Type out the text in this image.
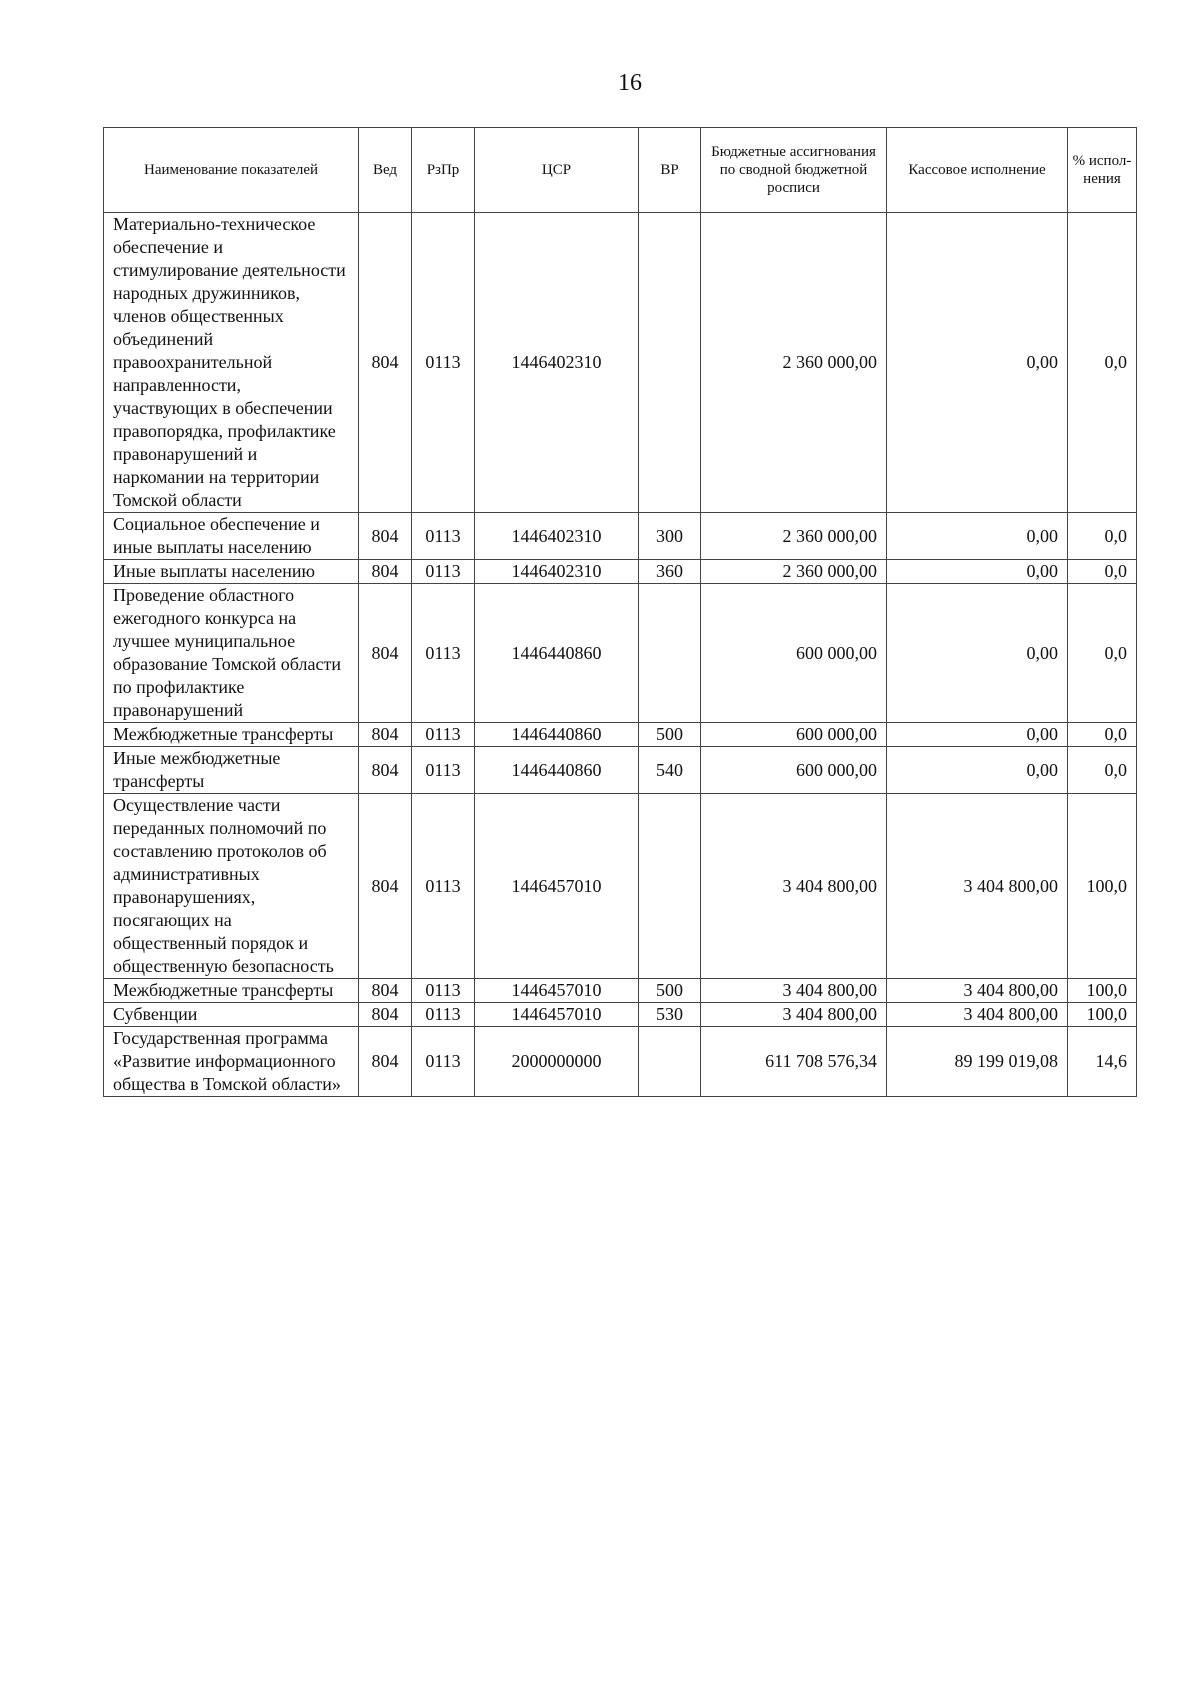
16
Наименование показателей	Вед	РзПр	ЦСР	ВР	Бюджетные ассигнования по сводной бюджетной росписи	Кассовое исполнение	% испол-нения
Материально-техническое обеспечение и стимулирование деятельности народных дружинников, членов общественных объединений правоохранительной направленности, участвующих в обеспечении правопорядка, профилактике правонарушений и наркомании на территории Томской области	804	0113	1446402310		2 360 000,00	0,00	0,0
Социальное обеспечение и иные выплаты населению	804	0113	1446402310	300	2 360 000,00	0,00	0,0
Иные выплаты населению	804	0113	1446402310	360	2 360 000,00	0,00	0,0
Проведение областного ежегодного конкурса на лучшее муниципальное образование Томской области по профилактике правонарушений	804	0113	1446440860		600 000,00	0,00	0,0
Межбюджетные трансферты	804	0113	1446440860	500	600 000,00	0,00	0,0
Иные межбюджетные трансферты	804	0113	1446440860	540	600 000,00	0,00	0,0
Осуществление части переданных полномочий по составлению протоколов об административных правонарушениях, посягающих на общественный порядок и общественную безопасность	804	0113	1446457010		3 404 800,00	3 404 800,00	100,0
Межбюджетные трансферты	804	0113	1446457010	500	3 404 800,00	3 404 800,00	100,0
Субвенции	804	0113	1446457010	530	3 404 800,00	3 404 800,00	100,0
Государственная программа «Развитие информационного общества в Томской области»	804	0113	2000000000		611 708 576,34	89 199 019,08	14,6
